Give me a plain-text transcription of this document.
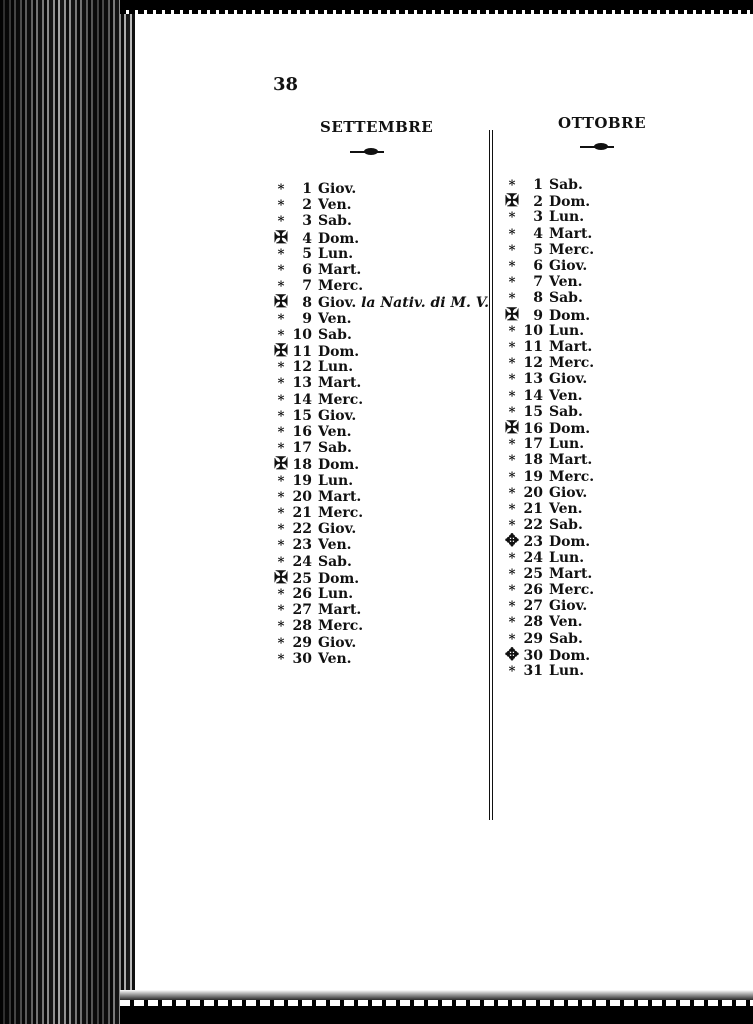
38
SETTEMBRE	OTTOBRE
* 1 Giov.
* 2 Ven.
* 3 Sab.
✠ 4 Dom.
* 5 Lun.
* 6 Mart.
* 7 Merc.
✠ 8 Giov. la Nativ. di M. V.
* 9 Ven.
* 10 Sab.
✠ 11 Dom.
* 12 Lun.
* 13 Mart.
* 14 Merc.
* 15 Giov.
* 16 Ven.
* 17 Sab.
✠ 18 Dom.
* 19 Lun.
* 20 Mart.
* 21 Merc.
* 22 Giov.
* 23 Ven.
* 24 Sab.
✠ 25 Dom.
* 26 Lun.
* 27 Mart.
* 28 Merc.
* 29 Giov.
* 30 Ven.
* 1 Sab.
✠ 2 Dom.
* 3 Lun.
* 4 Mart.
* 5 Merc.
* 6 Giov.
* 7 Ven.
* 8 Sab.
✠ 9 Dom.
* 10 Lun.
* 11 Mart.
* 12 Merc.
* 13 Giov.
* 14 Ven.
* 15 Sab.
✠ 16 Dom.
* 17 Lun.
* 18 Mart.
* 19 Merc.
* 20 Giov.
* 21 Ven.
* 22 Sab.
✥ 23 Dom.
* 24 Lun.
* 25 Mart.
* 26 Merc.
* 27 Giov.
* 28 Ven.
* 29 Sab.
✥ 30 Dom.
* 31 Lun.
